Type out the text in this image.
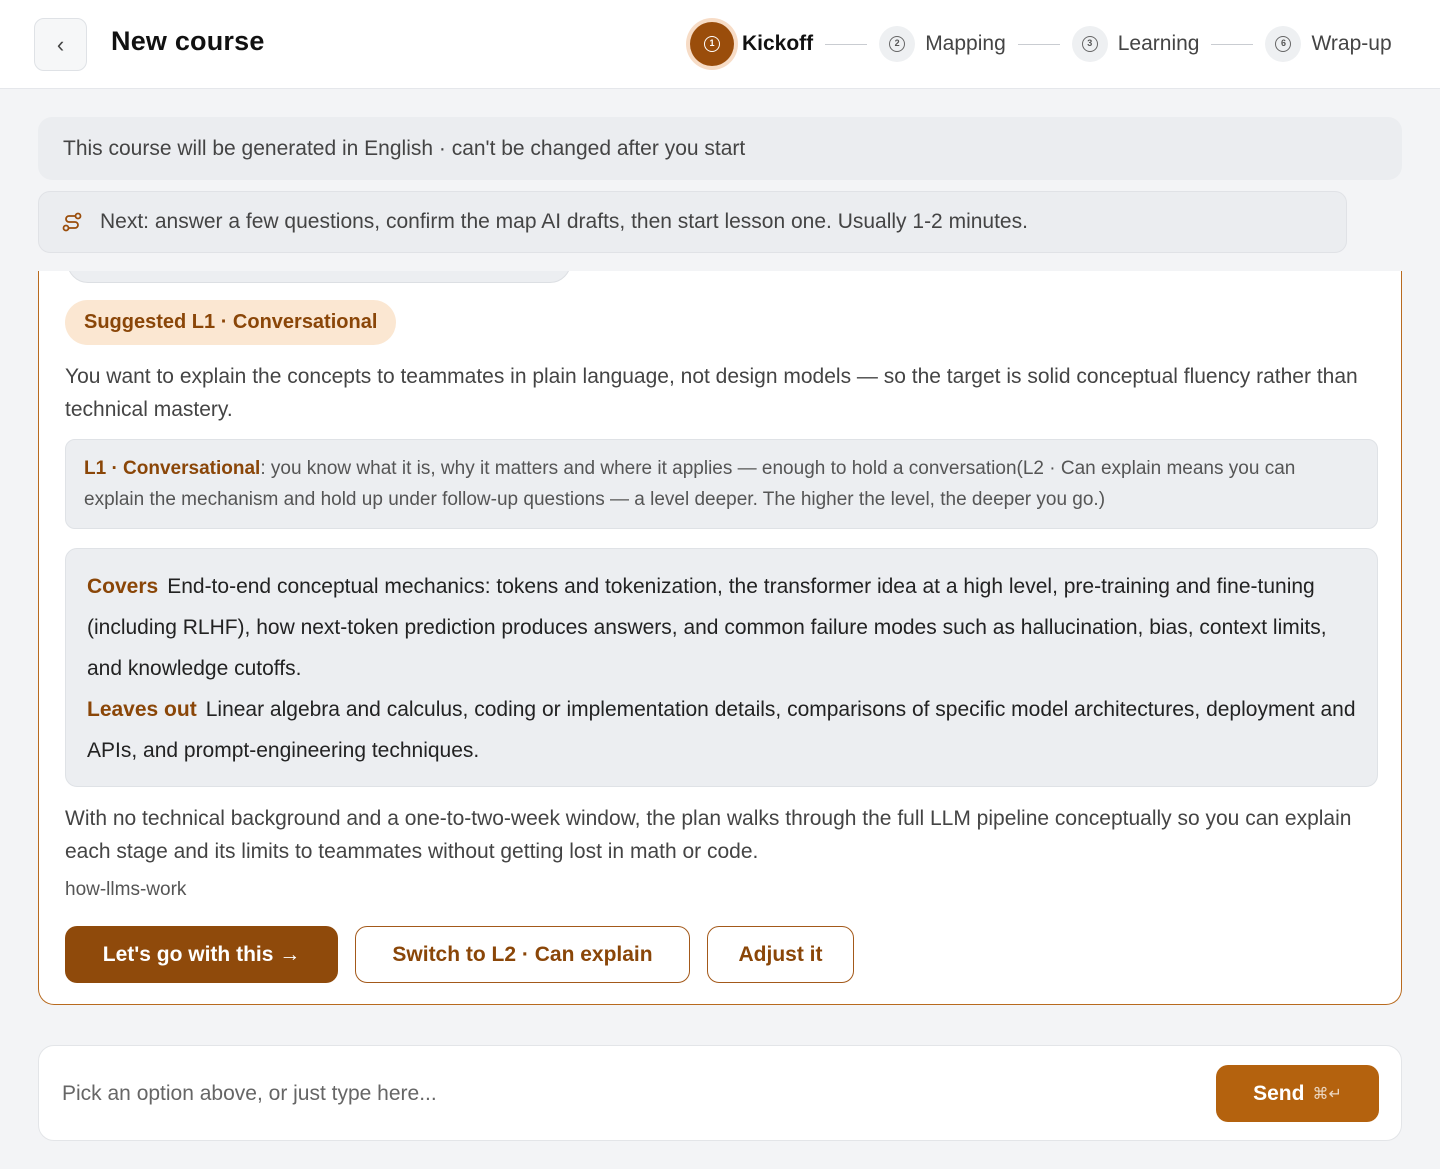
‹ New course	1 Kickoff	2 Mapping	3 Learning	6 Wrap-up
This course will be generated in English · can't be changed after you start
Next: answer a few questions, confirm the map AI drafts, then start lesson one. Usually 1-2 minutes.
Suggested L1 · Conversational
You want to explain the concepts to teammates in plain language, not design models — so the target is solid conceptual fluency rather than technical mastery.
L1 · Conversational: you know what it is, why it matters and where it applies — enough to hold a conversation(L2 · Can explain means you can explain the mechanism and hold up under follow-up questions — a level deeper. The higher the level, the deeper you go.)
Covers End-to-end conceptual mechanics: tokens and tokenization, the transformer idea at a high level, pre-training and fine-tuning (including RLHF), how next-token prediction produces answers, and common failure modes such as hallucination, bias, context limits, and knowledge cutoffs.
Leaves out Linear algebra and calculus, coding or implementation details, comparisons of specific model architectures, deployment and APIs, and prompt-engineering techniques.
With no technical background and a one-to-two-week window, the plan walks through the full LLM pipeline conceptually so you can explain each stage and its limits to teammates without getting lost in math or code.
how-llms-work
Let's go with this →	Switch to L2 · Can explain	Adjust it
Pick an option above, or just type here...
Send ⌘↵
